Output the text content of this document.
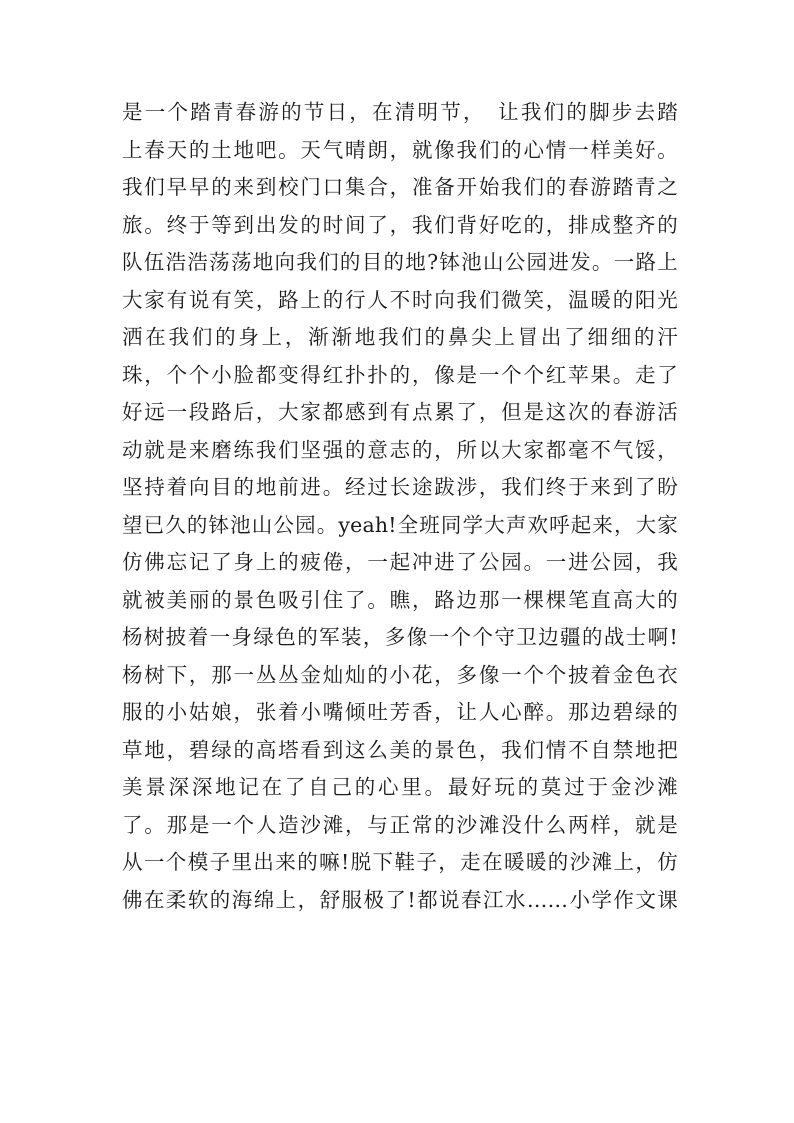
是一个踏青春游的节日，在清明节，　让我们的脚步去踏
上春天的土地吧。天气晴朗，就像我们的心情一样美好。
我们早早的来到校门口集合，准备开始我们的春游踏青之
旅。终于等到出发的时间了，我们背好吃的，排成整齐的
队伍浩浩荡荡地向我们的目的地?钵池山公园进发。一路上
大家有说有笑，路上的行人不时向我们微笑，温暖的阳光
洒在我们的身上，渐渐地我们的鼻尖上冒出了细细的汗
珠，个个小脸都变得红扑扑的，像是一个个红苹果。走了
好远一段路后，大家都感到有点累了，但是这次的春游活
动就是来磨练我们坚强的意志的，所以大家都毫不气馁，
坚持着向目的地前进。经过长途跋涉，我们终于来到了盼
望已久的钵池山公园。yeah!全班同学大声欢呼起来，大家
仿佛忘记了身上的疲倦，一起冲进了公园。一进公园，我
就被美丽的景色吸引住了。瞧，路边那一棵棵笔直高大的
杨树披着一身绿色的军装，多像一个个守卫边疆的战士啊!
杨树下，那一丛丛金灿灿的小花，多像一个个披着金色衣
服的小姑娘，张着小嘴倾吐芳香，让人心醉。那边碧绿的
草地，碧绿的高塔看到这么美的景色，我们情不自禁地把
美景深深地记在了自己的心里。最好玩的莫过于金沙滩
了。那是一个人造沙滩，与正常的沙滩没什么两样，就是
从一个模子里出来的嘛!脱下鞋子，走在暖暖的沙滩上，仿
佛在柔软的海绵上，舒服极了!都说春江水……小学作文课
